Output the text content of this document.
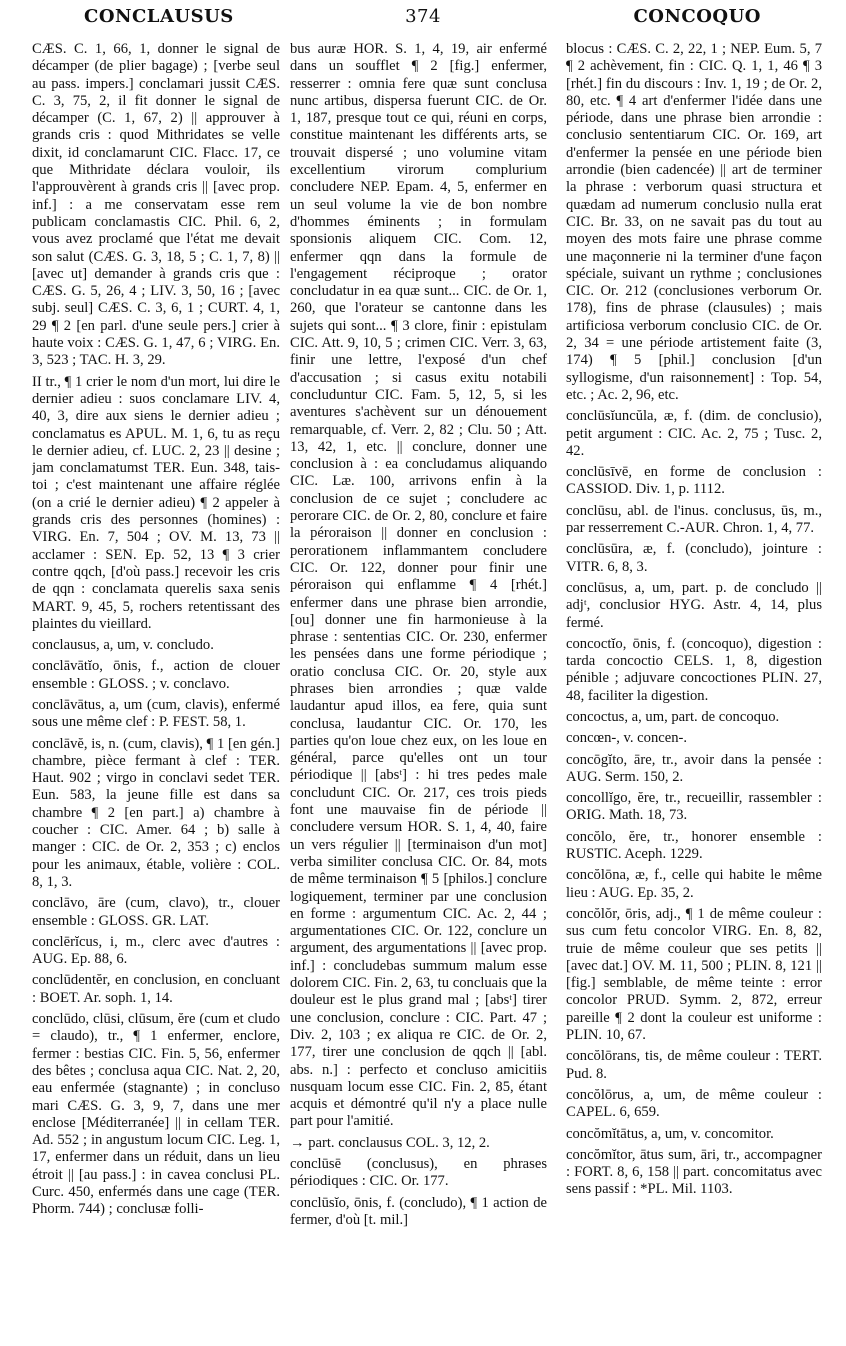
CONCLAUSUS	374	CONCOQUO

CÆS. C. 1, 66, 1, donner le signal de décamper (de plier bagage) ; [verbe seul au pass. impers.] conclamari jussit CÆS. C. 3, 75, 2, il fit donner le signal de décamper (C. 1, 67, 2) || approuver à grands cris : quod Mithridates se velle dixit, id conclamarunt CIC. Flacc. 17, ce que Mithridate déclara vouloir, ils l'approuvèrent à grands cris || [avec prop. inf.] : a me conservatam esse rem publicam conclamastis CIC. Phil. 6, 2, vous avez proclamé que l'état me devait son salut (CÆS. G. 3, 18, 5 ; C. 1, 7, 8) || [avec ut] demander à grands cris que : CÆS. G. 5, 26, 4 ; LIV. 3, 50, 16 ; [avec subj. seul] CÆS. C. 3, 6, 1 ; CURT. 4, 1, 29 ¶ 2 [en parl. d'une seule pers.] crier à haute voix : CÆS. G. 1, 47, 6 ; VIRG. En. 3, 523 ; TAC. H. 3, 29.

II tr., ¶ 1 crier le nom d'un mort, lui dire le dernier adieu : suos conclamare LIV. 4, 40, 3, dire aux siens le dernier adieu ; conclamatus es APUL. M. 1, 6, tu as reçu le dernier adieu, cf. LUC. 2, 23 || desine ; jam conclamatumst TER. Eun. 348, tais-toi ; c'est maintenant une affaire réglée (on a crié le dernier adieu) ¶ 2 appeler à grands cris des personnes (homines) : VIRG. En. 7, 504 ; OV. M. 13, 73 || acclamer : SEN. Ep. 52, 13 ¶ 3 crier contre qqch, [d'où pass.] recevoir les cris de qqn : conclamata querelis saxa senis MART. 9, 45, 5, rochers retentissant des plaintes du vieillard.

conclausus, a, um, v. concludo.

conclāvātĭo, ōnis, f., action de clouer ensemble : GLOSS. ; v. conclavo.

conclāvātus, a, um (cum, clavis), enfermé sous une même clef : P. FEST. 58, 1.

conclāvĕ, is, n. (cum, clavis), ¶ 1 [en gén.] chambre, pièce fermant à clef : TER. Haut. 902 ; virgo in conclavi sedet TER. Eun. 583, la jeune fille est dans sa chambre ¶ 2 [en part.] a) chambre à coucher : CIC. Amer. 64 ; b) salle à manger : CIC. de Or. 2, 353 ; c) enclos pour les animaux, étable, volière : COL. 8, 1, 3.

conclāvo, āre (cum, clavo), tr., clouer ensemble : GLOSS. GR. LAT.

conclērĭcus, i, m., clerc avec d'autres : AUG. Ep. 88, 6.

conclūdentĕr, en conclusion, en concluant : BOET. Ar. soph. 1, 14.

conclūdo, clūsi, clūsum, ĕre (cum et cludo = claudo), tr., ¶ 1 enfermer, enclore, fermer : bestias CIC. Fin. 5, 56, enfermer des bêtes ; conclusa aqua CIC. Nat. 2, 20, eau enfermée (stagnante) ; in concluso mari CÆS. G. 3, 9, 7, dans une mer enclose [Méditerranée] || in cellam TER. Ad. 552 ; in angustum locum CIC. Leg. 1, 17, enfermer dans un réduit, dans un lieu étroit || [au pass.] : in cavea conclusi PL. Curc. 450, enfermés dans une cage (TER. Phorm. 744) ; conclusæ folli-

bus auræ HOR. S. 1, 4, 19, air enfermé dans un soufflet ¶ 2 [fig.] enfermer, resserrer : omnia fere quæ sunt conclusa nunc artibus, dispersa fuerunt CIC. de Or. 1, 187, presque tout ce qui, réuni en corps, constitue maintenant les différents arts, se trouvait dispersé ; uno volumine vitam excellentium virorum complurium concludere NEP. Epam. 4, 5, enfermer en un seul volume la vie de bon nombre d'hommes éminents ; in formulam sponsionis aliquem CIC. Com. 12, enfermer qqn dans la formule de l'engagement réciproque ; orator concludatur in ea quæ sunt... CIC. de Or. 1, 260, que l'orateur se cantonne dans les sujets qui sont... ¶ 3 clore, finir : epistulam CIC. Att. 9, 10, 5 ; crimen CIC. Verr. 3, 63, finir une lettre, l'exposé d'un chef d'accusation ; si casus exitu notabili concluduntur CIC. Fam. 5, 12, 5, si les aventures s'achèvent sur un dénouement remarquable, cf. Verr. 2, 82 ; Clu. 50 ; Att. 13, 42, 1, etc. || conclure, donner une conclusion à : ea concludamus aliquando CIC. Læ. 100, arrivons enfin à la conclusion de ce sujet ; concludere ac perorare CIC. de Or. 2, 80, conclure et faire la péroraison || donner en conclusion : perorationem inflammantem concludere CIC. Or. 122, donner pour finir une péroraison qui enflamme ¶ 4 [rhét.] enfermer dans une phrase bien arrondie, [ou] donner une fin harmonieuse à la phrase : sententias CIC. Or. 230, enfermer les pensées dans une forme périodique ; oratio conclusa CIC. Or. 20, style aux phrases bien arrondies ; quæ valde laudantur apud illos, ea fere, quia sunt conclusa, laudantur CIC. Or. 170, les parties qu'on loue chez eux, on les loue en général, parce qu'elles ont un tour périodique || [absᵗ] : hi tres pedes male concludunt CIC. Or. 217, ces trois pieds font une mauvaise fin de période || concludere versum HOR. S. 1, 4, 40, faire un vers régulier || [terminaison d'un mot] verba similiter conclusa CIC. Or. 84, mots de même terminaison ¶ 5 [philos.] conclure logiquement, terminer par une conclusion en forme : argumentum CIC. Ac. 2, 44 ; argumentationes CIC. Or. 122, conclure un argument, des argumentations || [avec prop. inf.] : concludebas summum malum esse dolorem CIC. Fin. 2, 63, tu concluais que la douleur est le plus grand mal ; [absᵗ] tirer une conclusion, conclure : CIC. Part. 47 ; Div. 2, 103 ; ex aliqua re CIC. de Or. 2, 177, tirer une conclusion de qqch || [abl. abs. n.] : perfecto et concluso amicitiis nusquam locum esse CIC. Fin. 2, 85, étant acquis et démontré qu'il n'y a place nulle part pour l'amitié.

→ part. conclausus COL. 3, 12, 2.

conclūsē (conclusus), en phrases périodiques : CIC. Or. 177.

conclūsĭo, ōnis, f. (concludo), ¶ 1 action de fermer, d'où [t. mil.]

blocus : CÆS. C. 2, 22, 1 ; NEP. Eum. 5, 7 ¶ 2 achèvement, fin : CIC. Q. 1, 1, 46 ¶ 3 [rhét.] fin du discours : Inv. 1, 19 ; de Or. 2, 80, etc. ¶ 4 art d'enfermer l'idée dans une période, dans une phrase bien arrondie : conclusio sententiarum CIC. Or. 169, art d'enfermer la pensée en une période bien arrondie (bien cadencée) || art de terminer la phrase : verborum quasi structura et quædam ad numerum conclusio nulla erat CIC. Br. 33, on ne savait pas du tout au moyen des mots faire une phrase comme une maçonnerie ni la terminer d'une façon spéciale, suivant un rythme ; conclusiones CIC. Or. 212 (conclusiones verborum Or. 178), fins de phrase (clausules) ; mais artificiosa verborum conclusio CIC. de Or. 2, 34 = une période artistement faite (3, 174) ¶ 5 [phil.] conclusion [d'un syllogisme, d'un raisonnement] : Top. 54, etc. ; Ac. 2, 96, etc.

conclūsĭuncŭla, æ, f. (dim. de conclusio), petit argument : CIC. Ac. 2, 75 ; Tusc. 2, 42.

conclūsīvē, en forme de conclusion : CASSIOD. Div. 1, p. 1112.

conclūsu, abl. de l'inus. conclusus, ūs, m., par resserrement C.-AUR. Chron. 1, 4, 77.

conclūsūra, æ, f. (concludo), jointure : VITR. 6, 8, 3.

conclūsus, a, um, part. p. de concludo || adjᵗ, conclusior HYG. Astr. 4, 14, plus fermé.

concoctĭo, ōnis, f. (concoquo), digestion : tarda concoctio CELS. 1, 8, digestion pénible ; adjuvare concoctiones PLIN. 27, 48, faciliter la digestion.

concoctus, a, um, part. de concoquo.

concœn-, v. concen-.

concōgĭto, āre, tr., avoir dans la pensée : AUG. Serm. 150, 2.

concollĭgo, ĕre, tr., recueillir, rassembler : ORIG. Math. 18, 73.

concŏlo, ĕre, tr., honorer ensemble : RUSTIC. Aceph. 1229.

concŏlōna, æ, f., celle qui habite le même lieu : AUG. Ep. 35, 2.

concŏlŏr, ōris, adj., ¶ 1 de même couleur : sus cum fetu concolor VIRG. En. 8, 82, truie de même couleur que ses petits || [avec dat.] OV. M. 11, 500 ; PLIN. 8, 121 || [fig.] semblable, de même teinte : error concolor PRUD. Symm. 2, 872, erreur pareille ¶ 2 dont la couleur est uniforme : PLIN. 10, 67.

concŏlōrans, tis, de même couleur : TERT. Pud. 8.

concŏlōrus, a, um, de même couleur : CAPEL. 6, 659.

concŏmĭtātus, a, um, v. concomitor.

concŏmĭtor, ātus sum, āri, tr., accompagner : FORT. 8, 6, 158 || part. concomitatus avec sens passif : *PL. Mil. 1103.
